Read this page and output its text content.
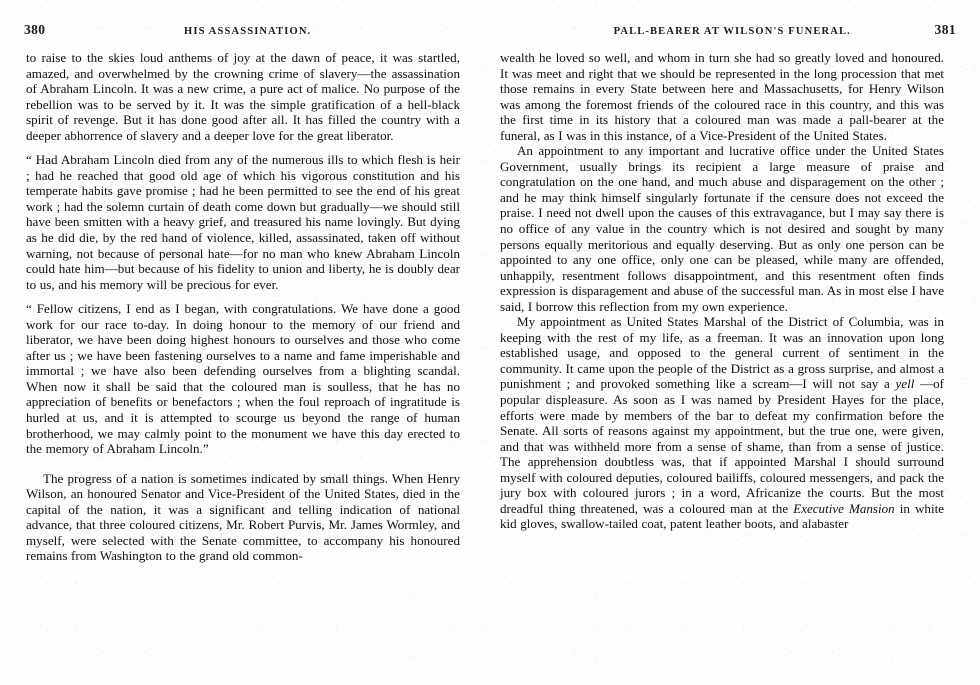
380	HIS ASSASSINATION.	PALL-BEARER AT WILSON'S FUNERAL.	381

to raise to the skies loud anthems of joy at the dawn of peace, it was startled, amazed, and overwhelmed by the crowning crime of slavery—the assassination of Abraham Lincoln. It was a new crime, a pure act of malice. No purpose of the rebellion was to be served by it. It was the simple gratification of a hell-black spirit of revenge. But it has done good after all. It has filled the country with a deeper abhorrence of slavery and a deeper love for the great liberator.

“ Had Abraham Lincoln died from any of the numerous ills to which flesh is heir ; had he reached that good old age of which his vigorous constitution and his temperate habits gave promise ; had he been permitted to see the end of his great work ; had the solemn curtain of death come down but gradually—we should still have been smitten with a heavy grief, and treasured his name lovingly. But dying as he did die, by the red hand of violence, killed, assassinated, taken off without warning, not because of personal hate—for no man who knew Abraham Lincoln could hate him—but because of his fidelity to union and liberty, he is doubly dear to us, and his memory will be precious for ever.

“ Fellow citizens, I end as I began, with congratulations. We have done a good work for our race to-day. In doing honour to the memory of our friend and liberator, we have been doing highest honours to ourselves and those who come after us ; we have been fastening ourselves to a name and fame imperishable and immortal ; we have also been defending ourselves from a blighting scandal. When now it shall be said that the coloured man is soulless, that he has no appreciation of benefits or benefactors ; when the foul reproach of ingratitude is hurled at us, and it is attempted to scourge us beyond the range of human brotherhood, we may calmly point to the monument we have this day erected to the memory of Abraham Lincoln.”

The progress of a nation is sometimes indicated by small things. When Henry Wilson, an honoured Senator and Vice-President of the United States, died in the capital of the nation, it was a significant and telling indication of national advance, that three coloured citizens, Mr. Robert Purvis, Mr. James Wormley, and myself, were selected with the Senate committee, to accompany his honoured remains from Washington to the grand old common-

wealth he loved so well, and whom in turn she had so greatly loved and honoured. It was meet and right that we should be represented in the long procession that met those remains in every State between here and Massachusetts, for Henry Wilson was among the foremost friends of the coloured race in this country, and this was the first time in its history that a coloured man was made a pall-bearer at the funeral, as I was in this instance, of a Vice-President of the United States.

An appointment to any important and lucrative office under the United States Government, usually brings its recipient a large measure of praise and congratulation on the one hand, and much abuse and disparagement on the other ; and he may think himself singularly fortunate if the censure does not exceed the praise. I need not dwell upon the causes of this extravagance, but I may say there is no office of any value in the country which is not desired and sought by many persons equally meritorious and equally deserving. But as only one person can be appointed to any one office, only one can be pleased, while many are offended, unhappily, resentment follows disappointment, and this resentment often finds expression is disparagement and abuse of the successful man. As in most else I have said, I borrow this reflection from my own experience.

My appointment as United States Marshal of the District of Columbia, was in keeping with the rest of my life, as a freeman. It was an innovation upon long established usage, and opposed to the general current of sentiment in the community. It came upon the people of the District as a gross surprise, and almost a punishment ; and provoked something like a scream—I will not say a yell —of popular displeasure. As soon as I was named by President Hayes for the place, efforts were made by members of the bar to defeat my confirmation before the Senate. All sorts of reasons against my appointment, but the true one, were given, and that was withheld more from a sense of shame, than from a sense of justice. The apprehension doubtless was, that if appointed Marshal I should surround myself with coloured deputies, coloured bailiffs, coloured messengers, and pack the jury box with coloured jurors ; in a word, Africanize the courts. But the most dreadful thing threatened, was a coloured man at the Executive Mansion in white kid gloves, swallow-tailed coat, patent leather boots, and alabaster
